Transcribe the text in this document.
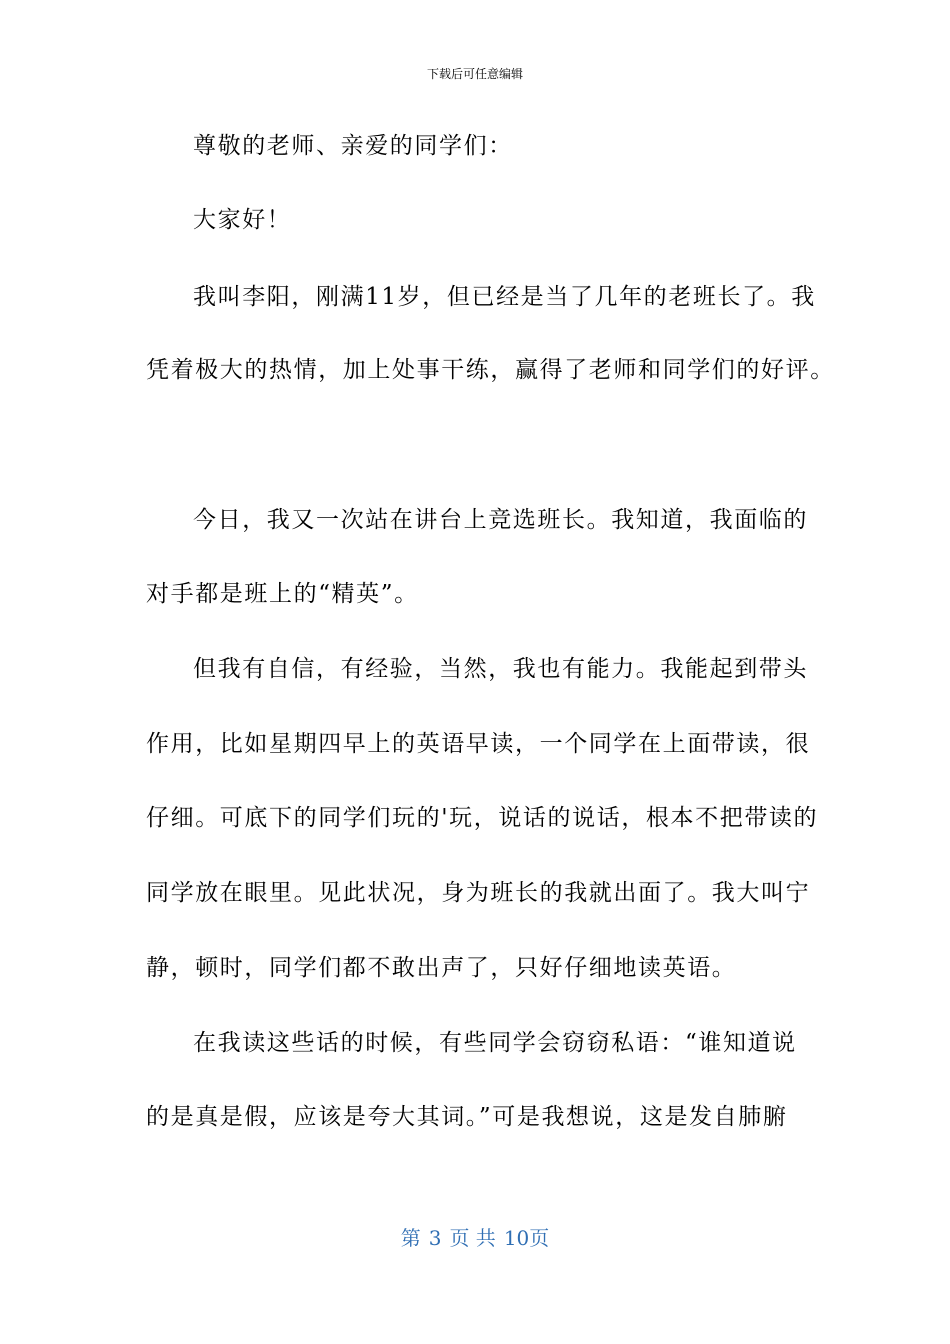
下载后可任意编辑
尊敬的老师、亲爱的同学们：
大家好！
我叫李阳，刚满11岁，但已经是当了几年的老班长了。我
凭着极大的热情，加上处事干练，赢得了老师和同学们的好评。
今日，我又一次站在讲台上竞选班长。我知道，我面临的
对手都是班上的“精英”。
但我有自信，有经验，当然，我也有能力。我能起到带头
作用，比如星期四早上的英语早读，一个同学在上面带读，很
仔细。可底下的同学们玩的'玩，说话的说话，根本不把带读的
同学放在眼里。见此状况，身为班长的我就出面了。我大叫宁
静，顿时，同学们都不敢出声了，只好仔细地读英语。
在我读这些话的时候，有些同学会窃窃私语：“谁知道说
的是真是假，应该是夸大其词。”可是我想说，这是发自肺腑
第 3 页 共 10页
